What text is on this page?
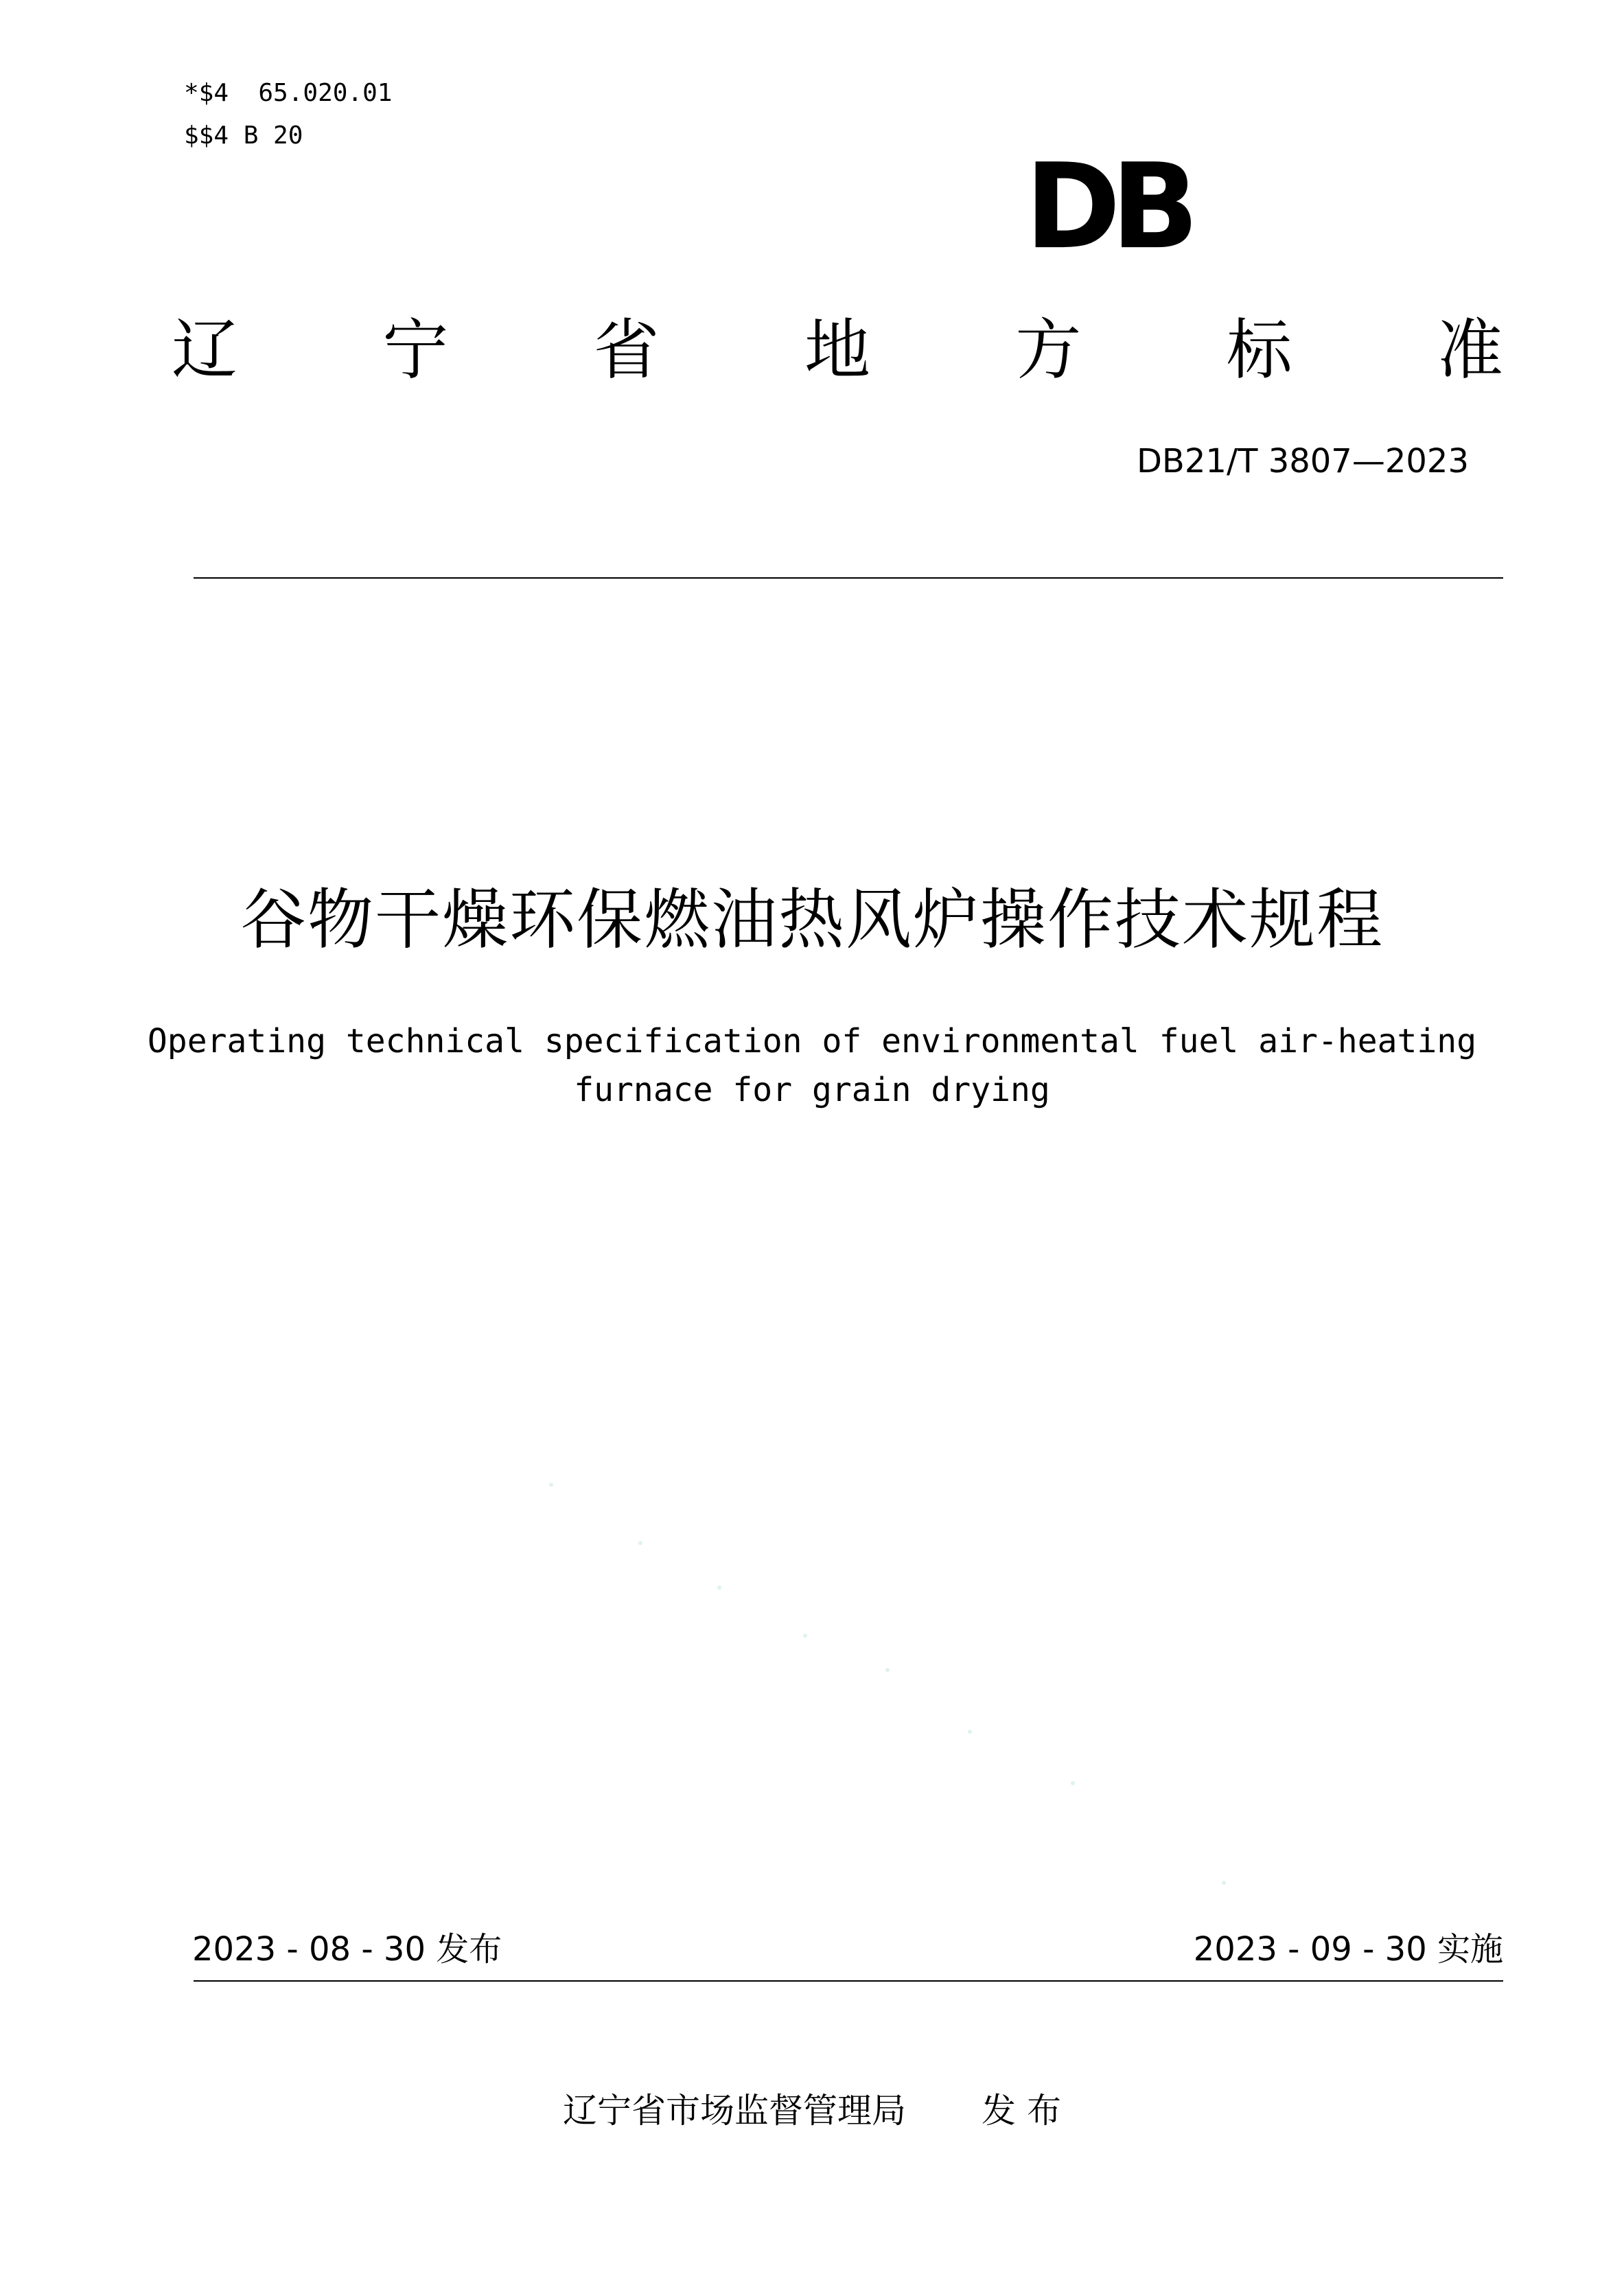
*$4  65.020.01
$$4 B 20
DB
辽 宁 省 地 方 标 准
DB21/T 3807—2023
谷物干燥环保燃油热风炉操作技术规程
Operating technical specification of environmental fuel air-heating
furnace for grain drying
2023 - 08 - 30 发布	2023 - 09 - 30 实施
辽宁省市场监督管理局 发 布
